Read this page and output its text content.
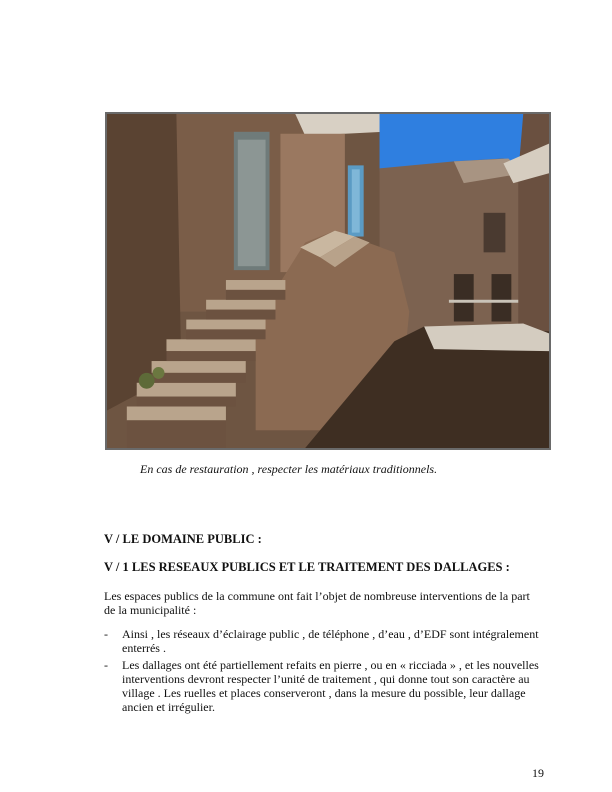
En cas de restauration , respecter les matériaux traditionnels.

V / LE DOMAINE PUBLIC :
V / 1 LES RESEAUX PUBLICS ET LE TRAITEMENT DES DALLAGES :

Les espaces publics de la commune ont fait l’objet de nombreuse interventions de la part de la municipalité :

- Ainsi , les réseaux d’éclairage public , de téléphone , d’eau , d’EDF sont intégralement enterrés .
- Les dallages ont été partiellement refaits en pierre , ou en « ricciada » , et les nouvelles interventions devront respecter l’unité de traitement , qui donne tout son caractère au village . Les ruelles et places conserveront , dans la mesure du possible, leur dallage ancien et irrégulier.

19
